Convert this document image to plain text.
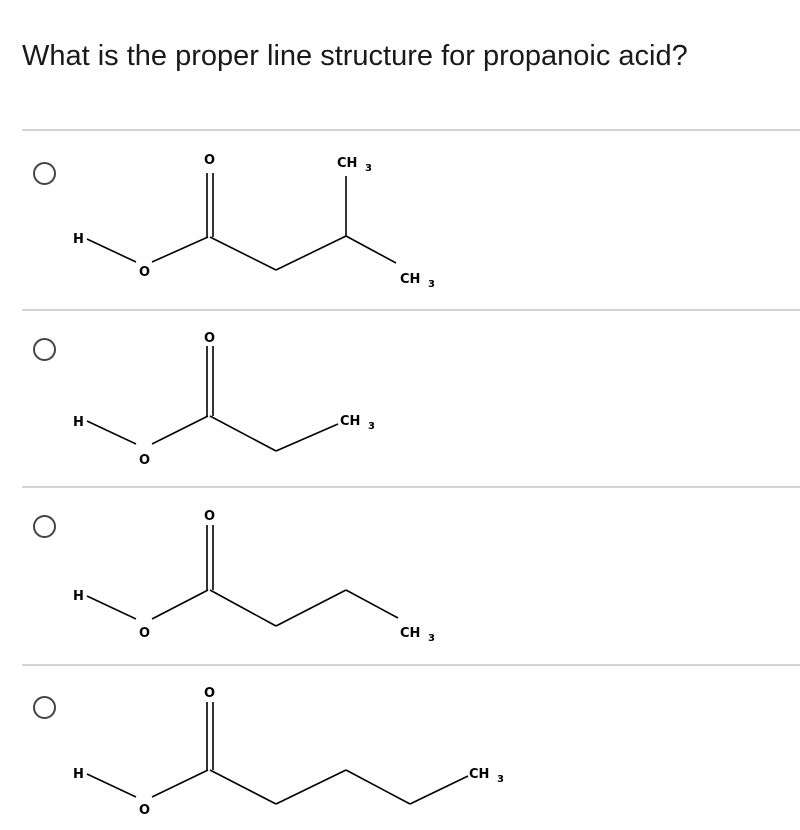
What is the proper line structure for propanoic acid?
H
O
O	CH 3
CH 3
H
O
O
CH 3
H
O
O
CH 3
H
O
O
CH 3
